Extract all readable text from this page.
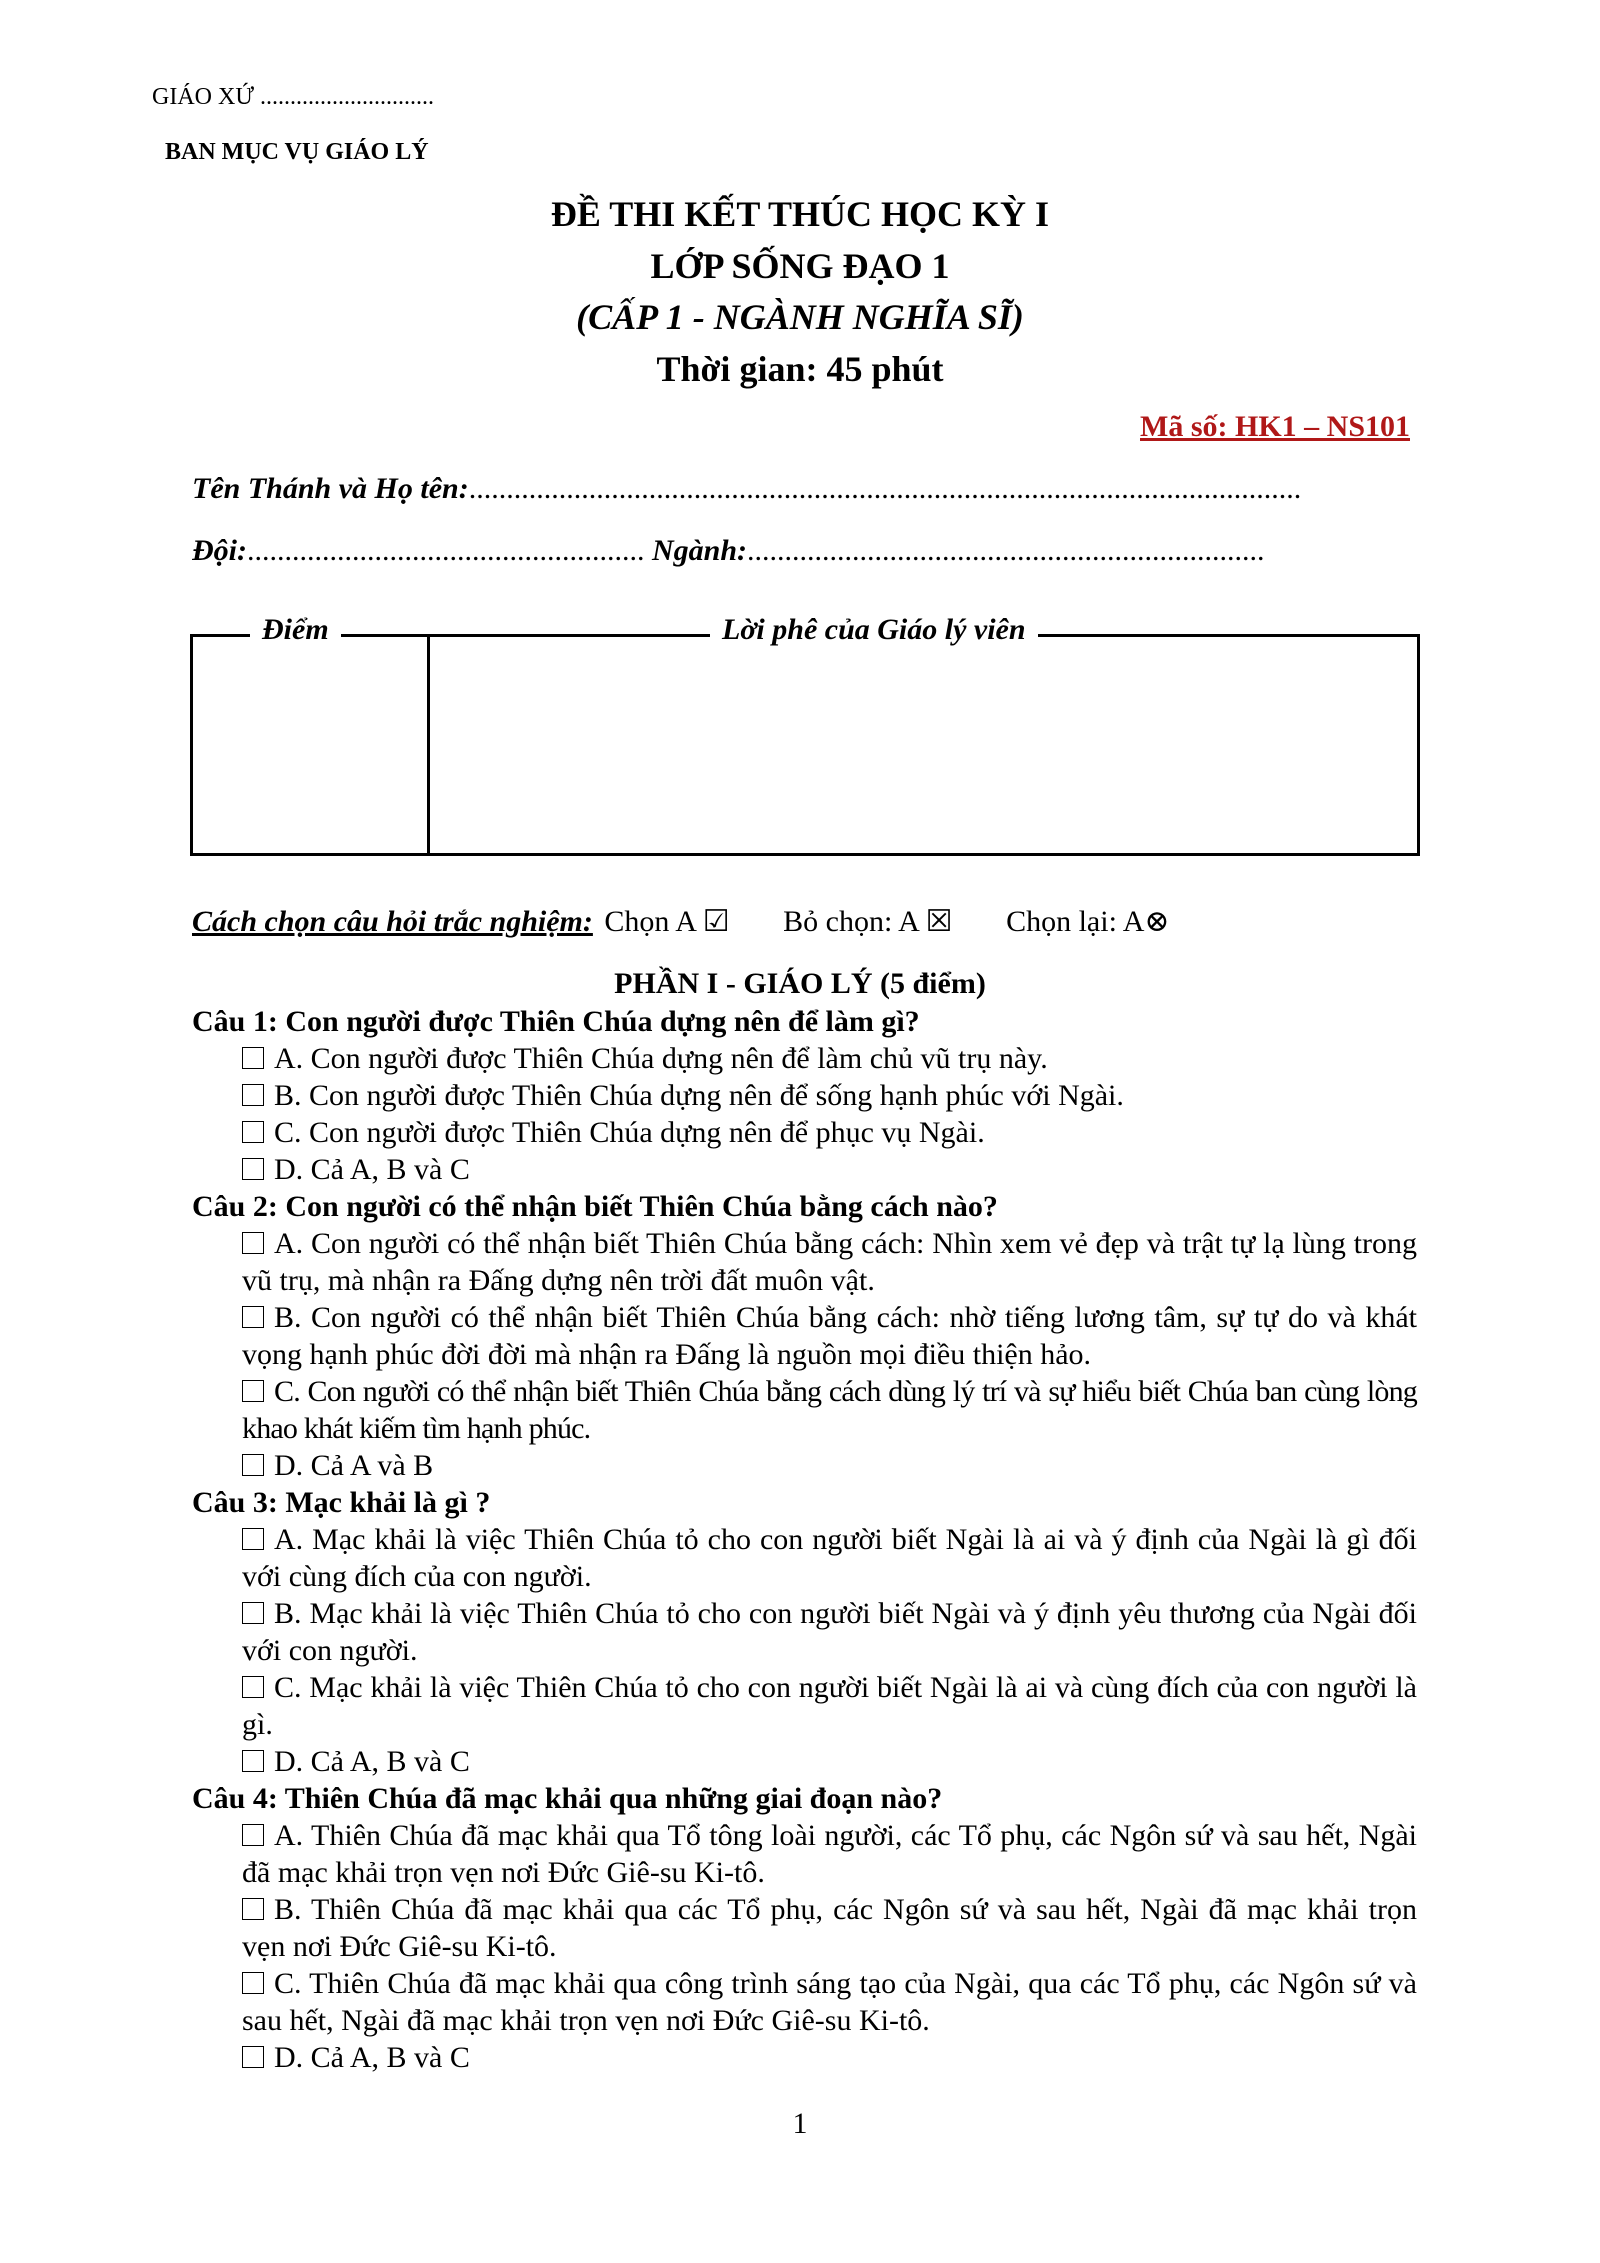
GIÁO XỨ .............................
BAN MỤC VỤ GIÁO LÝ
ĐỀ THI KẾT THÚC HỌC KỲ I
LỚP SỐNG ĐẠO 1
(CẤP 1 - NGÀNH NGHĨA SĨ)
Thời gian: 45 phút
Mã số: HK1 – NS101
Tên Thánh và Họ tên:...............................................................................................................
Đội:..................................................... Ngành:.....................................................................
Điểm	Lời phê của Giáo lý viên
Cách chọn câu hỏi trắc nghiệm: Chọn A ☑ Bỏ chọn: A ☒ Chọn lại: A⊗
PHẦN I - GIÁO LÝ (5 điểm)
Câu 1: Con người được Thiên Chúa dựng nên để làm gì?
A. Con người được Thiên Chúa dựng nên để làm chủ vũ trụ này.
B. Con người được Thiên Chúa dựng nên để sống hạnh phúc với Ngài.
C. Con người được Thiên Chúa dựng nên để phục vụ Ngài.
D. Cả A, B và C
Câu 2: Con người có thể nhận biết Thiên Chúa bằng cách nào?
A. Con người có thể nhận biết Thiên Chúa bằng cách: Nhìn xem vẻ đẹp và trật tự lạ lùng trong vũ trụ, mà nhận ra Đấng dựng nên trời đất muôn vật.
B. Con người có thể nhận biết Thiên Chúa bằng cách: nhờ tiếng lương tâm, sự tự do và khát vọng hạnh phúc đời đời mà nhận ra Đấng là nguồn mọi điều thiện hảo.
C. Con người có thể nhận biết Thiên Chúa bằng cách dùng lý trí và sự hiểu biết Chúa ban cùng lòng khao khát kiếm tìm hạnh phúc.
D. Cả A và B
Câu 3: Mạc khải là gì ?
A. Mạc khải là việc Thiên Chúa tỏ cho con người biết Ngài là ai và ý định của Ngài là gì đối với cùng đích của con người.
B. Mạc khải là việc Thiên Chúa tỏ cho con người biết Ngài và ý định yêu thương của Ngài đối với con người.
C. Mạc khải là việc Thiên Chúa tỏ cho con người biết Ngài là ai và cùng đích của con người là gì.
D. Cả A, B và C
Câu 4: Thiên Chúa đã mạc khải qua những giai đoạn nào?
A. Thiên Chúa đã mạc khải qua Tổ tông loài người, các Tổ phụ, các Ngôn sứ và sau hết, Ngài đã mạc khải trọn vẹn nơi Đức Giê-su Ki-tô.
B. Thiên Chúa đã mạc khải qua các Tổ phụ, các Ngôn sứ và sau hết, Ngài đã mạc khải trọn vẹn nơi Đức Giê-su Ki-tô.
C. Thiên Chúa đã mạc khải qua công trình sáng tạo của Ngài, qua các Tổ phụ, các Ngôn sứ và sau hết, Ngài đã mạc khải trọn vẹn nơi Đức Giê-su Ki-tô.
D. Cả A, B và C
1
